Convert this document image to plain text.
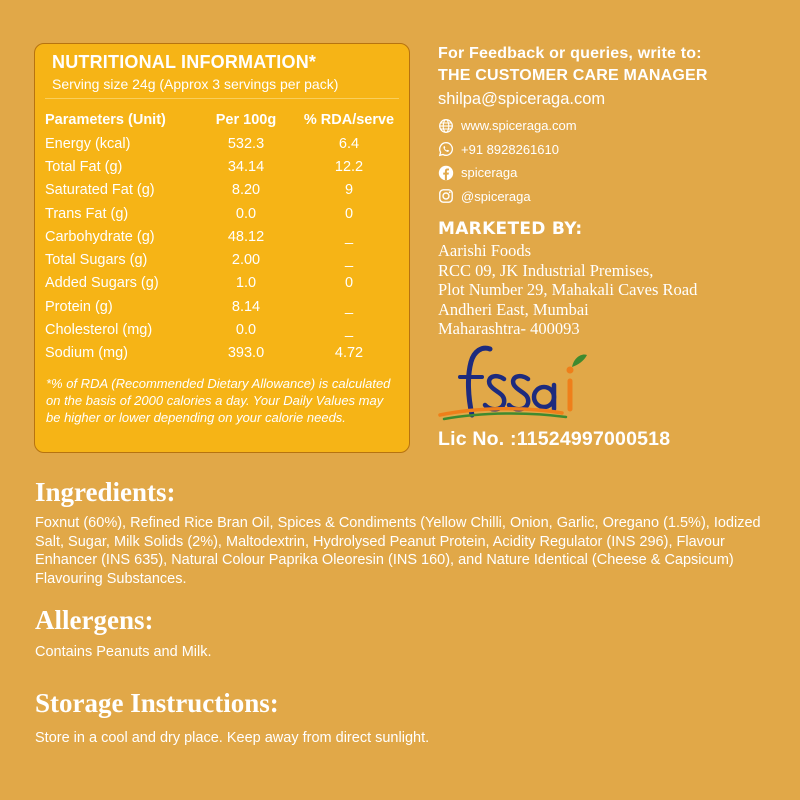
NUTRITIONAL INFORMATION*
Serving size 24g (Approx 3 servings per pack)
Parameters (Unit)	Per 100g	% RDA/serve
Energy (kcal)	532.3	6.4
Total Fat (g)	34.14	12.2
Saturated Fat (g)	8.20	9
Trans Fat (g)	0.0	0
Carbohydrate (g)	48.12	_
Total Sugars (g)	2.00	_
Added Sugars (g)	1.0	0
Protein (g)	8.14	_
Cholesterol (mg)	0.0	_
Sodium (mg)	393.0	4.72
*% of RDA (Recommended Dietary Allowance) is calculated on the basis of 2000 calories a day. Your Daily Values may be higher or lower depending on your calorie needs.
For Feedback or queries, write to:
THE CUSTOMER CARE MANAGER
shilpa@spiceraga.com
www.spiceraga.com
+91 8928261610
spiceraga
@spiceraga
MARKETED BY:
Aarishi Foods
RCC 09, JK Industrial Premises,
Plot Number 29, Mahakali Caves Road
Andheri East, Mumbai
Maharashtra- 400093
Lic No. :11524997000518
Ingredients:
Foxnut (60%), Refined Rice Bran Oil, Spices & Condiments (Yellow Chilli, Onion, Garlic, Oregano (1.5%), Iodized Salt, Sugar, Milk Solids (2%), Maltodextrin, Hydrolysed Peanut Protein, Acidity Regulator (INS 296), Flavour Enhancer (INS 635), Natural Colour Paprika Oleoresin (INS 160), and Nature Identical (Cheese & Capsicum) Flavouring Substances.
Allergens:
Contains Peanuts and Milk.
Storage Instructions:
Store in a cool and dry place. Keep away from direct sunlight.
